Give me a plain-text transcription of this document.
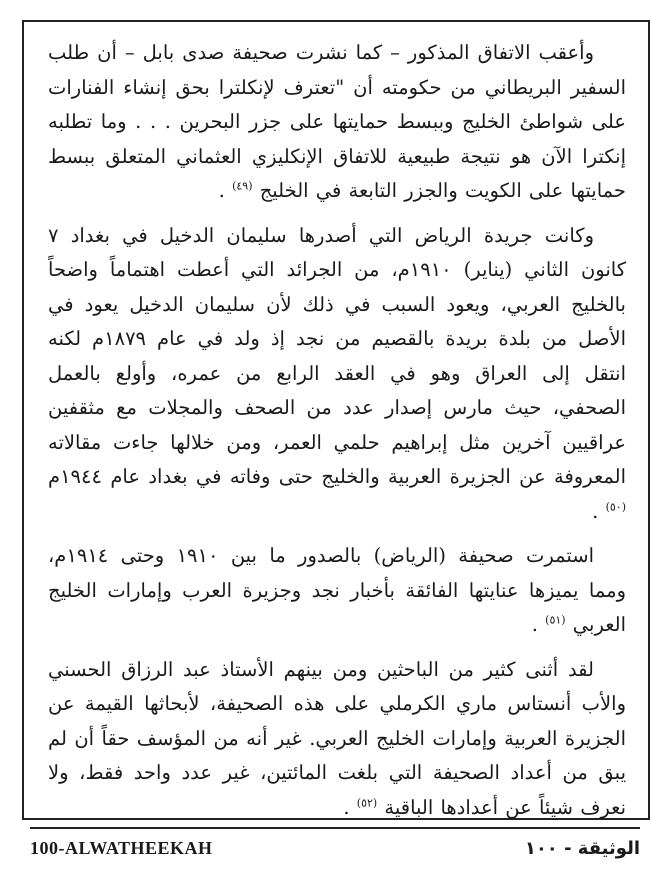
وأعقب الاتفاق المذكور – كما نشرت صحيفة صدى بابل – أن طلب السفير البريطاني من حكومته أن "تعترف لإنكلترا بحق إنشاء الفنارات على شواطئ الخليج وببسط حمايتها على جزر البحرين . . . وما تطلبه إنكترا الآن هو نتيجة طبيعية للاتفاق الإنكليزي العثماني المتعلق ببسط حمايتها على الكويت والجزر التابعة في الخليج $^{(٤٩)}$ .

وكانت جريدة الرياض التي أصدرها سليمان الدخيل في بغداد ٧ كانون الثاني (يناير) ١٩١٠م، من الجرائد التي أعطت اهتماماً واضحاً بالخليج العربي، ويعود السبب في ذلك لأن سليمان الدخيل يعود في الأصل من بلدة بريدة بالقصيم من نجد إذ ولد في عام ١٨٧٩م لكنه انتقل إلى العراق وهو في العقد الرابع من عمره، وأولع بالعمل الصحفي، حيث مارس إصدار عدد من الصحف والمجلات مع مثقفين عراقيين آخرين مثل إبراهيم حلمي العمر، ومن خلالها جاءت مقالاته المعروفة عن الجزيرة العربية والخليج حتى وفاته في بغداد عام ١٩٤٤م $^{(٥٠)}$ .

استمرت صحيفة (الرياض) بالصدور ما بين ١٩١٠ وحتى ١٩١٤م، ومما يميزها عنايتها الفائقة بأخبار نجد وجزيرة العرب وإمارات الخليج العربي $^{(٥١)}$ .

لقد أثنى كثير من الباحثين ومن بينهم الأستاذ عبد الرزاق الحسني والأب أنستاس ماري الكرملي على هذه الصحيفة، لأبحاثها القيمة عن الجزيرة العربية وإمارات الخليج العربي. غير أنه من المؤسف حقاً أن لم يبق من أعداد الصحيفة التي بلغت المائتين، غير عدد واحد فقط، ولا نعرف شيئاً عن أعدادها الباقية $^{(٥٢)}$ .

100-ALWATHEEKAH	الوثيقة - ١٠٠
